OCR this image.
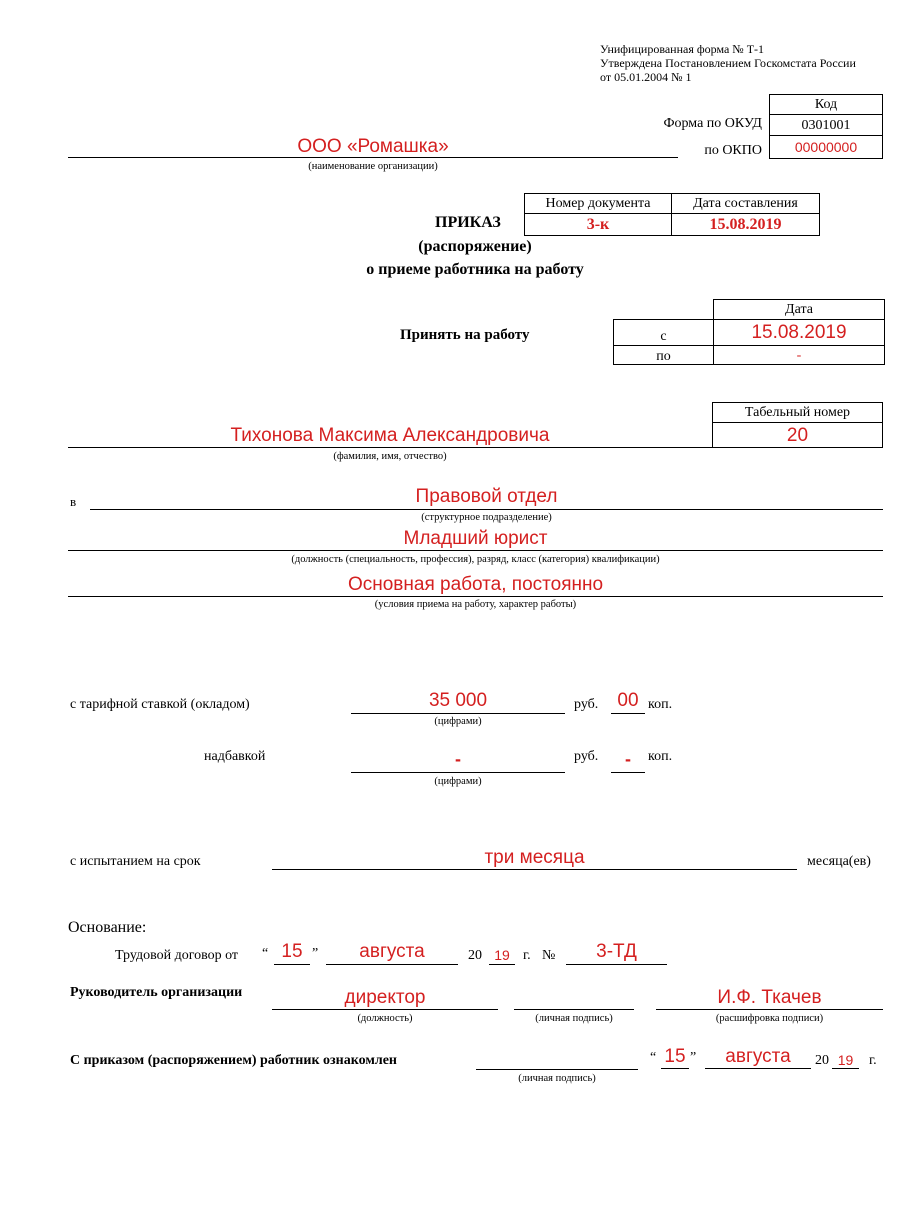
Унифицированная форма № Т-1
Утверждена Постановлением Госкомстата России
от 05.01.2004 № 1
Код
0301001
00000000
Форма по ОКУД
по ОКПО
ООО «Ромашка»
(наименование организации)
Номер документа	Дата составления
3-к	15.08.2019
ПРИКАЗ
(распоряжение)
о приеме работника на работу
Принять на работу
Дата
с	15.08.2019
по	-
Табельный номер
20
Тихонова Максима Александровича
(фамилия, имя, отчество)
в	Правовой отдел
(структурное подразделение)
Младший юрист
(должность (специальность, профессия), разряд, класс (категория) квалификации)
Основная работа, постоянно
(условия приема на работу, характер работы)
с тарифной ставкой (окладом)	35 000
(цифрами)
руб.	00 коп.
надбавкой	-
(цифрами)
руб.	-	коп.
с испытанием на срок	три месяца	месяца(ев)
Основание:
Трудовой договор от “ 15 ”	августа	20 19 г. №	3-ТД
Руководитель организации	директор
(должность)	(личная подпись)
И.Ф. Ткачев
(расшифровка подписи)
С приказом (распоряжением) работник ознакомлен
(личная подпись)
“ 15 ”	августа	20 19	г.
